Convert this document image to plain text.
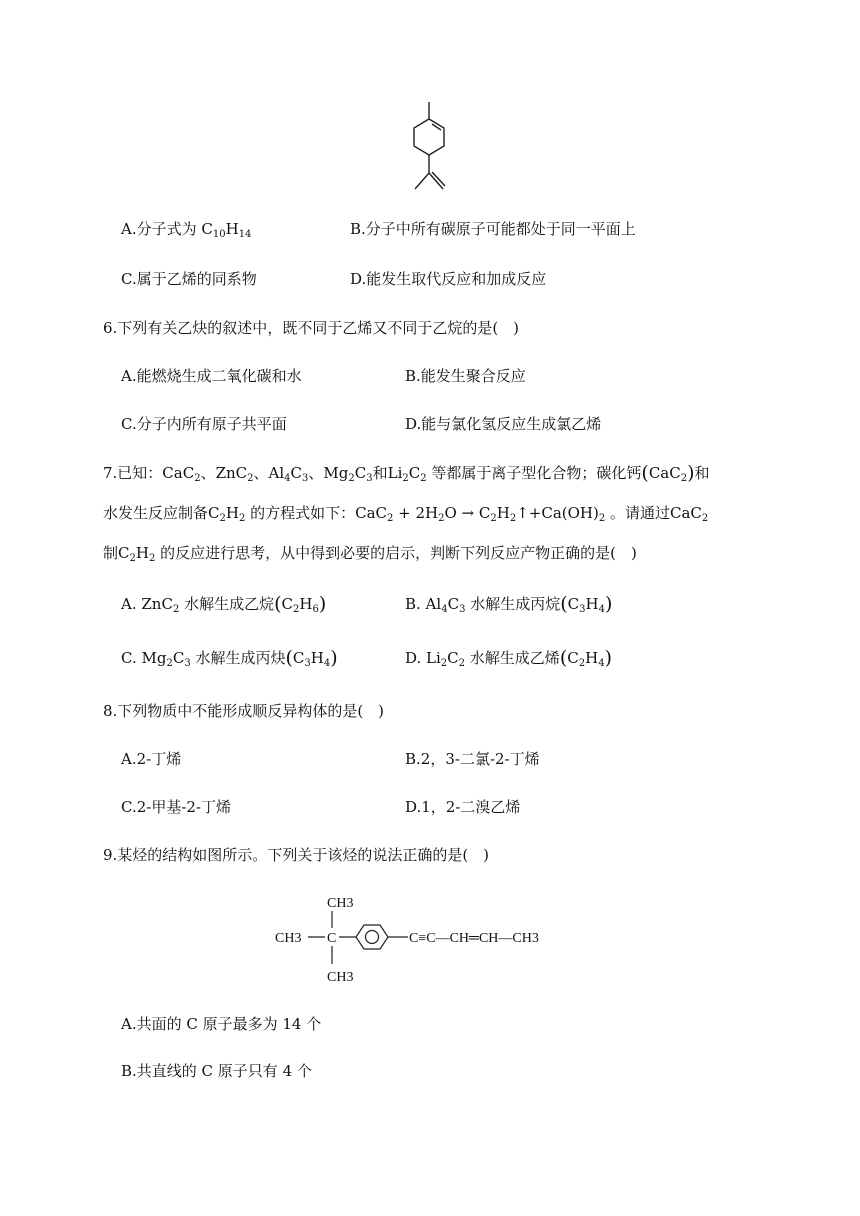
A.分子式为 $C_{10}H_{14}$	B.分子中所有碳原子可能都处于同一平面上
C.属于乙烯的同系物	D.能发生取代反应和加成反应
6.下列有关乙炔的叙述中，既不同于乙烯又不同于乙烷的是(　)
A.能燃烧生成二氧化碳和水	B.能发生聚合反应
C.分子内所有原子共平面	D.能与氯化氢反应生成氯乙烯
7.已知：CaC$_2$、ZnC$_2$、$Al_4C_3$、$Mg_2C_3$和$Li_2C_2$ 等都属于离子型化合物；碳化钙(CaC$_2$)和
水发生反应制备$C_2H_2$ 的方程式如下：$CaC_2 + 2H_2O$ → $C_2H_2↑+Ca(OH)_2$ 。请通过CaC$_2$
制$C_2H_2$ 的反应进行思考，从中得到必要的启示，判断下列反应产物正确的是(　)
A. ZnC$_2$ 水解生成乙烷$(C_2H_6)$	B. $Al_4C_3$ 水解生成丙烷$(C_3H_4)$
C. $Mg_2C_3$ 水解生成丙炔$(C_3H_4)$	D. $Li_2C_2$ 水解生成乙烯$(C_2H_4)$
8.下列物质中不能形成顺反异构体的是(　)
A.2-丁烯	B.2，3-二氯-2-丁烯
C.2-甲基-2-丁烯	D.1，2-二溴乙烯
9.某烃的结构如图所示。下列关于该烃的说法正确的是(　)
CH3
CH3 C
CH3
C≡C—CH═CH—CH3
A.共面的 C 原子最多为 14 个
B.共直线的 C 原子只有 4 个
